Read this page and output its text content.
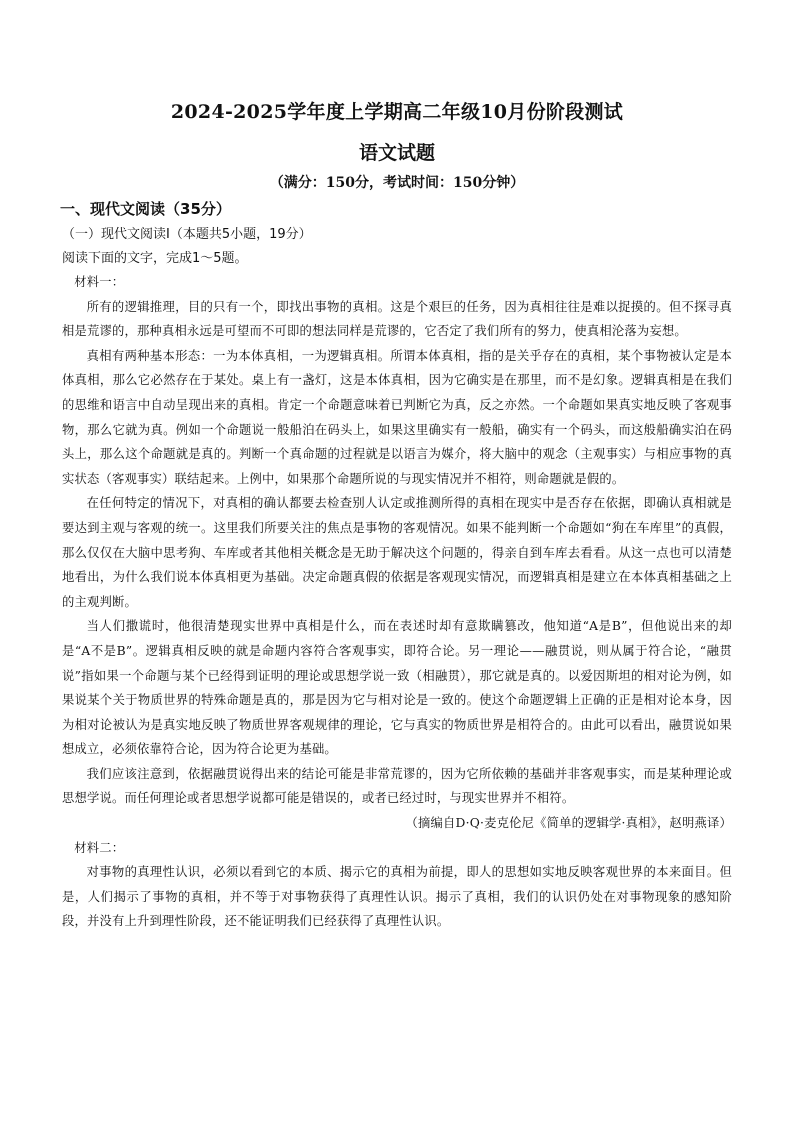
2024-2025学年度上学期高二年级10月份阶段测试
语文试题
（满分：150分，考试时间：150分钟）
一、现代文阅读（35分）
（一）现代文阅读Ⅰ（本题共5小题，19分）
阅读下面的文字，完成1～5题。

材料一：

所有的逻辑推理，目的只有一个，即找出事物的真相。这是个艰巨的任务，因为真相往往是难以捉摸的。但不探寻真相是荒谬的，那种真相永远是可望而不可即的想法同样是荒谬的，它否定了我们所有的努力，使真相沦落为妄想。

真相有两种基本形态：一为本体真相，一为逻辑真相。所谓本体真相，指的是关乎存在的真相，某个事物被认定是本体真相，那么它必然存在于某处。桌上有一盏灯，这是本体真相，因为它确实是在那里，而不是幻象。逻辑真相是在我们的思维和语言中自动呈现出来的真相。肯定一个命题意味着已判断它为真，反之亦然。一个命题如果真实地反映了客观事物，那么它就为真。例如一个命题说一般船泊在码头上，如果这里确实有一般船，确实有一个码头，而这般船确实泊在码头上，那么这个命题就是真的。判断一个真命题的过程就是以语言为媒介，将大脑中的观念（主观事实）与相应事物的真实状态（客观事实）联结起来。上例中，如果那个命题所说的与现实情况并不相符，则命题就是假的。

在任何特定的情况下，对真相的确认都要去检查别人认定或推测所得的真相在现实中是否存在依据，即确认真相就是要达到主观与客观的统一。这里我们所要关注的焦点是事物的客观情况。如果不能判断一个命题如“狗在车库里”的真假，那么仅仅在大脑中思考狗、车库或者其他相关概念是无助于解决这个问题的，得亲自到车库去看看。从这一点也可以清楚地看出，为什么我们说本体真相更为基础。决定命题真假的依据是客观现实情况，而逻辑真相是建立在本体真相基础之上的主观判断。

当人们撒谎时，他很清楚现实世界中真相是什么，而在表述时却有意欺瞒篡改，他知道“A是B”，但他说出来的却是“A不是B”。逻辑真相反映的就是命题内容符合客观事实，即符合论。另一理论——融贯说，则从属于符合论，“融贯说”指如果一个命题与某个已经得到证明的理论或思想学说一致（相融贯），那它就是真的。以爱因斯坦的相对论为例，如果说某个关于物质世界的特殊命题是真的，那是因为它与相对论是一致的。使这个命题逻辑上正确的正是相对论本身，因为相对论被认为是真实地反映了物质世界客观规律的理论，它与真实的物质世界是相符合的。由此可以看出，融贯说如果想成立，必须依靠符合论，因为符合论更为基础。

我们应该注意到，依据融贯说得出来的结论可能是非常荒谬的，因为它所依赖的基础并非客观事实，而是某种理论或思想学说。而任何理论或者思想学说都可能是错误的，或者已经过时，与现实世界并不相符。

（摘编自D·Q·麦克伦尼《简单的逻辑学·真相》，赵明燕译）

材料二：

对事物的真理性认识，必须以看到它的本质、揭示它的真相为前提，即人的思想如实地反映客观世界的本来面目。但是，人们揭示了事物的真相，并不等于对事物获得了真理性认识。揭示了真相，我们的认识仍处在对事物现象的感知阶段，并没有上升到理性阶段，还不能证明我们已经获得了真理性认识。
